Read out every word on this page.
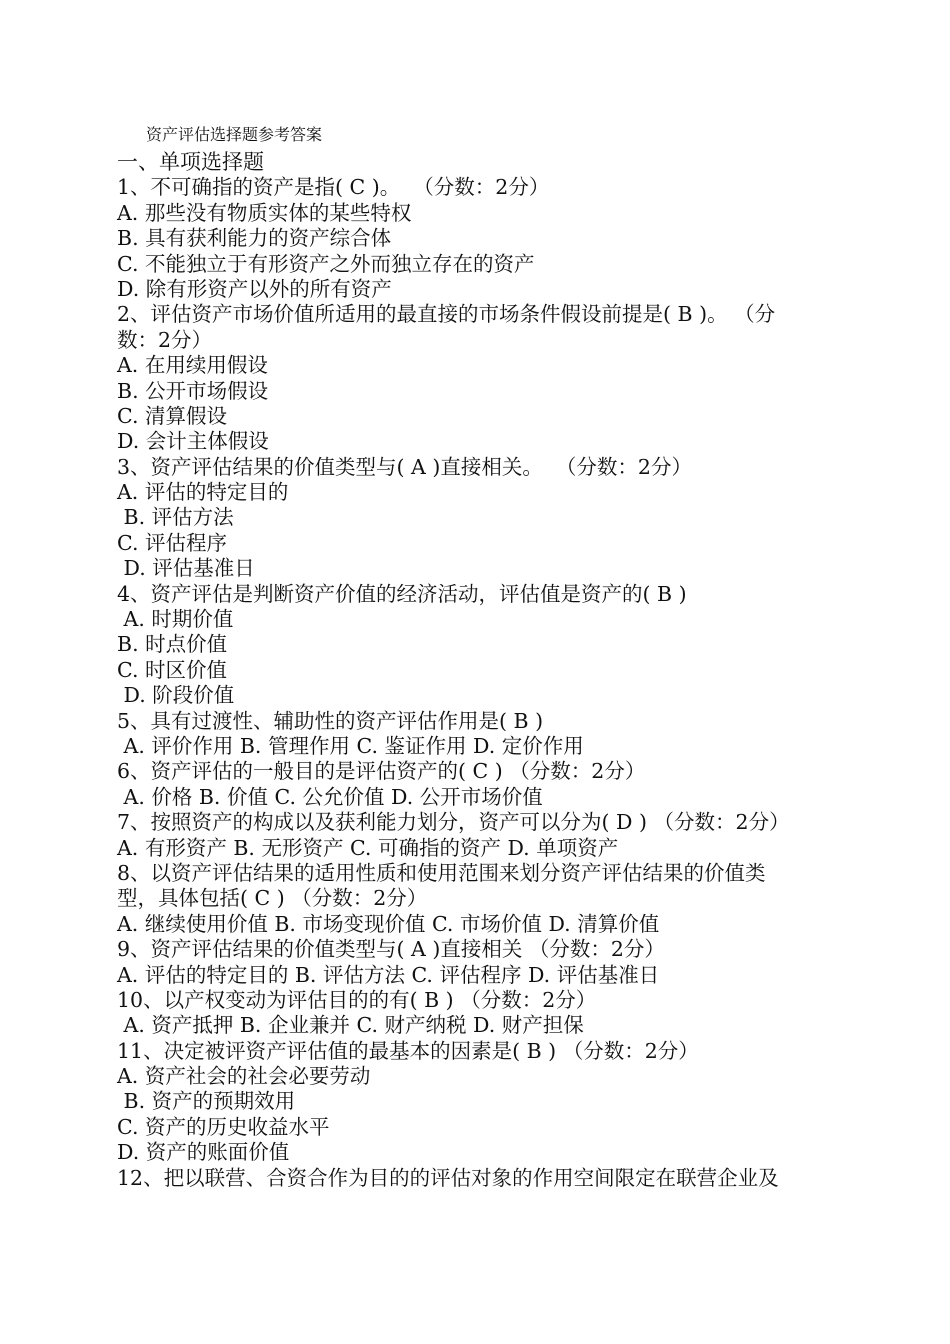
资产评估选择题参考答案
一、单项选择题
1、不可确指的资产是指( C )。  （分数：2分）
A. 那些没有物质实体的某些特权
B. 具有获利能力的资产综合体
C. 不能独立于有形资产之外而独立存在的资产
D. 除有形资产以外的所有资产
2、评估资产市场价值所适用的最直接的市场条件假设前提是( B )。 （分
数：2分）
A. 在用续用假设
B. 公开市场假设
C. 清算假设
D. 会计主体假设
3、资产评估结果的价值类型与( A )直接相关。  （分数：2分）
A. 评估的特定目的
B. 评估方法
C. 评估程序
D. 评估基准日
4、资产评估是判断资产价值的经济活动，评估值是资产的( B )
A. 时期价值
B. 时点价值
C. 时区价值
D. 阶段价值
5、具有过渡性、辅助性的资产评估作用是( B )
A. 评价作用 B. 管理作用 C. 鉴证作用 D. 定价作用
6、资产评估的一般目的是评估资产的( C ) （分数：2分）
A. 价格 B. 价值 C. 公允价值 D. 公开市场价值
7、按照资产的构成以及获利能力划分，资产可以分为( D ) （分数：2分）
A. 有形资产 B. 无形资产 C. 可确指的资产 D. 单项资产
8、以资产评估结果的适用性质和使用范围来划分资产评估结果的价值类
型，具体包括( C ) （分数：2分）
A. 继续使用价值 B. 市场变现价值 C. 市场价值 D. 清算价值
9、资产评估结果的价值类型与( A )直接相关 （分数：2分）
A. 评估的特定目的 B. 评估方法 C. 评估程序 D. 评估基准日
10、以产权变动为评估目的的有( B ) （分数：2分）
A. 资产抵押 B. 企业兼并 C. 财产纳税 D. 财产担保
11、决定被评资产评估值的最基本的因素是( B ) （分数：2分）
A. 资产社会的社会必要劳动
B. 资产的预期效用
C. 资产的历史收益水平
D. 资产的账面价值
12、把以联营、合资合作为目的的评估对象的作用空间限定在联营企业及
